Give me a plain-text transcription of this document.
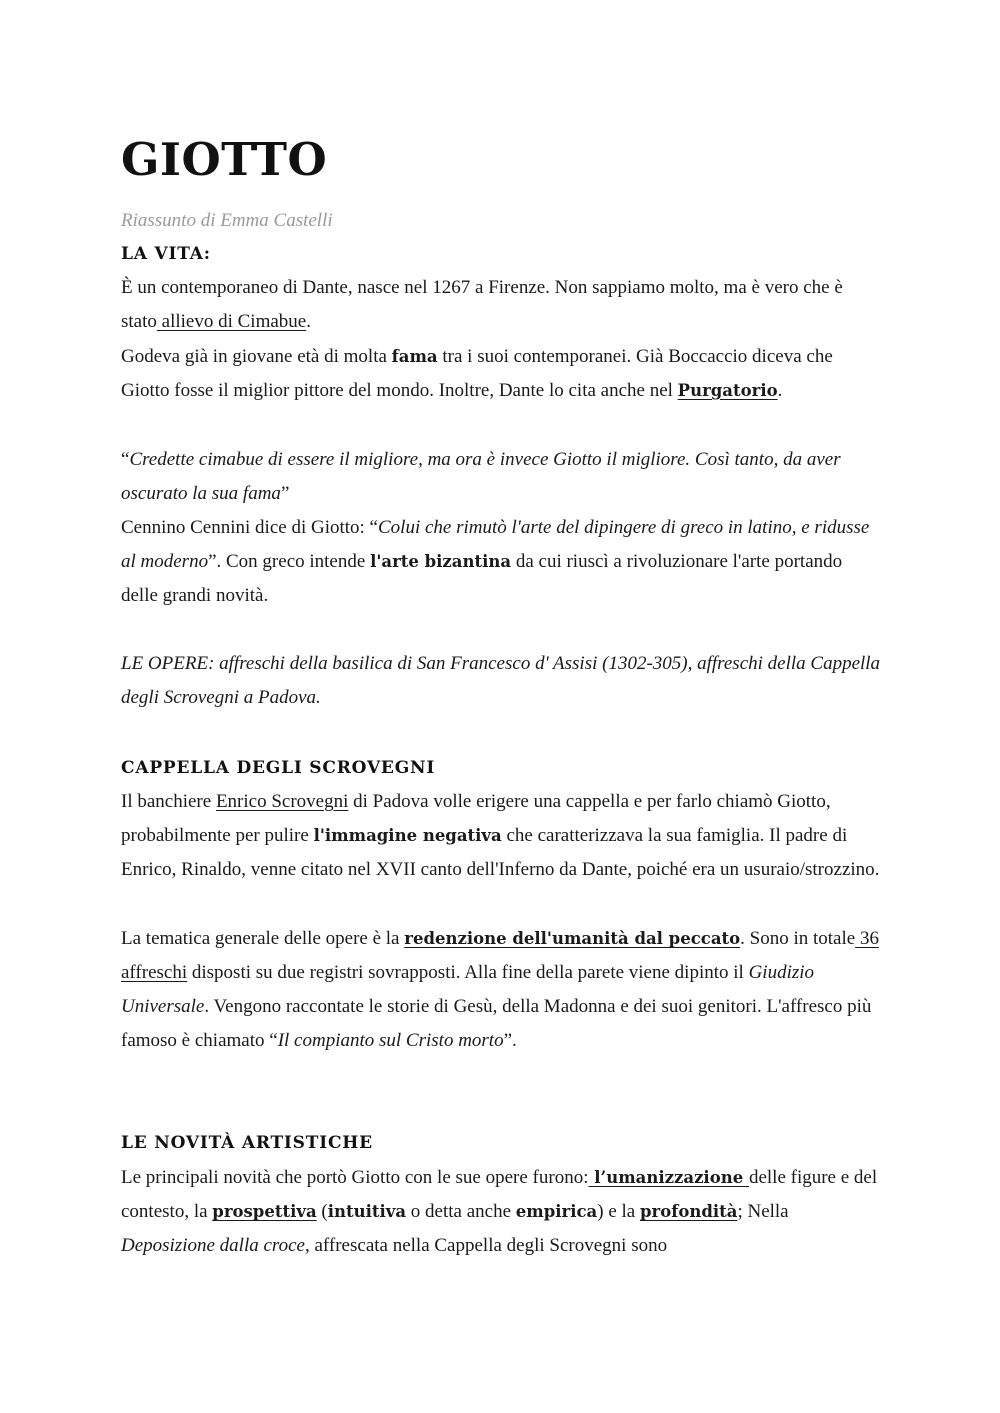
GIOTTO
Riassunto di Emma Castelli
LA VITA:

È un contemporaneo di Dante, nasce nel 1267 a Firenze. Non sappiamo molto, ma è vero che è stato allievo di Cimabue.

Godeva già in giovane età di molta fama tra i suoi contemporanei. Già Boccaccio diceva che Giotto fosse il miglior pittore del mondo. Inoltre, Dante lo cita anche nel Purgatorio.

“Credette cimabue di essere il migliore, ma ora è invece Giotto il migliore. Così tanto, da aver oscurato la sua fama”

Cennino Cennini dice di Giotto: “Colui che rimutò l'arte del dipingere di greco in latino, e ridusse al moderno”. Con greco intende l'arte bizantina da cui riuscì a rivoluzionare l'arte portando delle grandi novità.

LE OPERE: affreschi della basilica di San Francesco d' Assisi (1302-305), affreschi della Cappella degli Scrovegni a Padova.

CAPPELLA DEGLI SCROVEGNI

Il banchiere Enrico Scrovegni di Padova volle erigere una cappella e per farlo chiamò Giotto, probabilmente per pulire l'immagine negativa che caratterizzava la sua famiglia. Il padre di Enrico, Rinaldo, venne citato nel XVII canto dell'Inferno da Dante, poiché era un usuraio/strozzino.

La tematica generale delle opere è la redenzione dell'umanità dal peccato. Sono in totale 36 affreschi disposti su due registri sovrapposti. Alla fine della parete viene dipinto il Giudizio Universale. Vengono raccontate le storie di Gesù, della Madonna e dei suoi genitori. L'affresco più famoso è chiamato “Il compianto sul Cristo morto”.

LE NOVITÀ ARTISTICHE

Le principali novità che portò Giotto con le sue opere furono: l’umanizzazione delle figure e del contesto, la prospettiva (intuitiva o detta anche empirica) e la profondità; Nella Deposizione dalla croce, affrescata nella Cappella degli Scrovegni sono
